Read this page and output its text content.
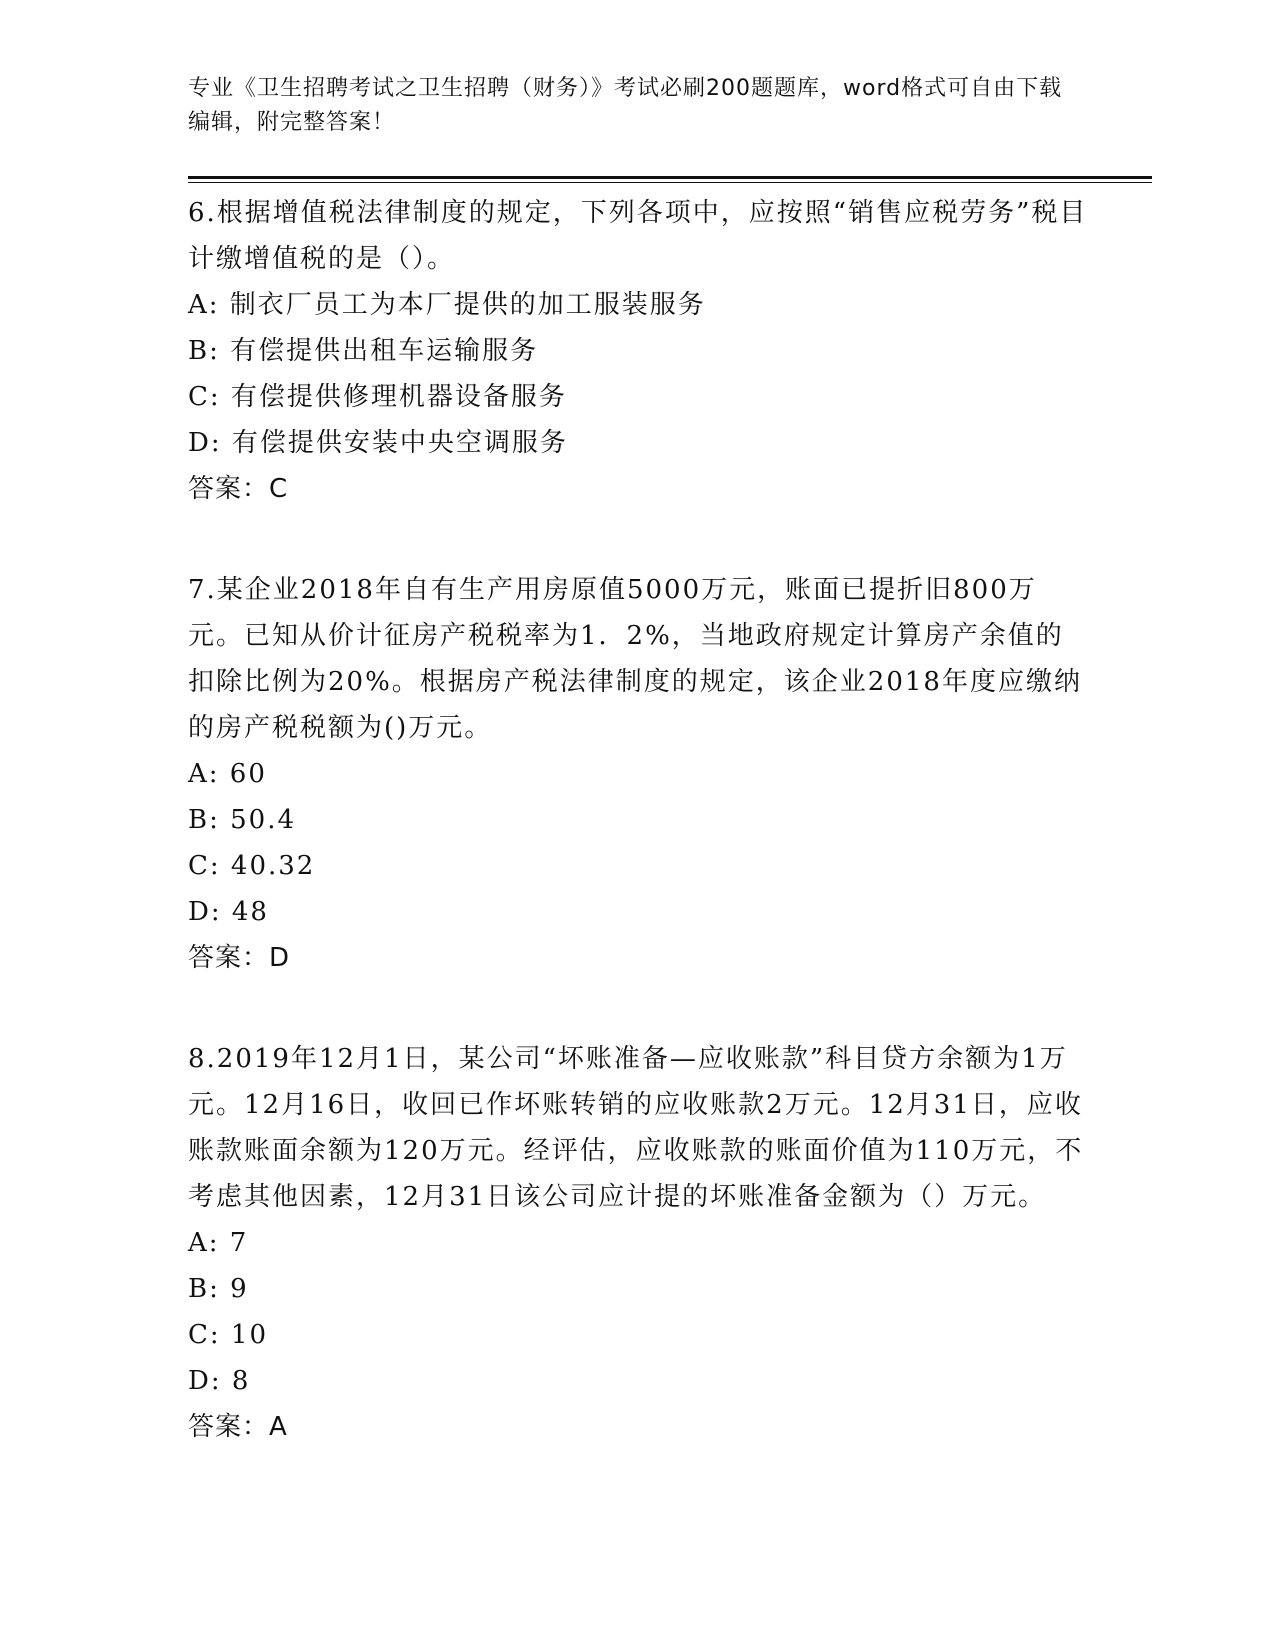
专业《卫生招聘考试之卫生招聘（财务）》考试必刷200题题库，word格式可自由下载编辑，附完整答案！
6.根据增值税法律制度的规定，下列各项中，应按照“销售应税劳务”税目计缴增值税的是（）。
A: 制衣厂员工为本厂提供的加工服装服务
B: 有偿提供出租车运输服务
C: 有偿提供修理机器设备服务
D: 有偿提供安装中央空调服务
答案：C
7.某企业2018年自有生产用房原值5000万元，账面已提折旧800万元。已知从价计征房产税税率为1．2%，当地政府规定计算房产余值的扣除比例为20%。根据房产税法律制度的规定，该企业2018年度应缴纳的房产税税额为()万元。
A: 60
B: 50.4
C: 40.32
D: 48
答案：D
8.2019年12月1日，某公司“坏账准备—应收账款”科目贷方余额为1万元。12月16日，收回已作坏账转销的应收账款2万元。12月31日，应收账款账面余额为120万元。经评估，应收账款的账面价值为110万元，不考虑其他因素，12月31日该公司应计提的坏账准备金额为（）万元。
A: 7
B: 9
C: 10
D: 8
答案：A
